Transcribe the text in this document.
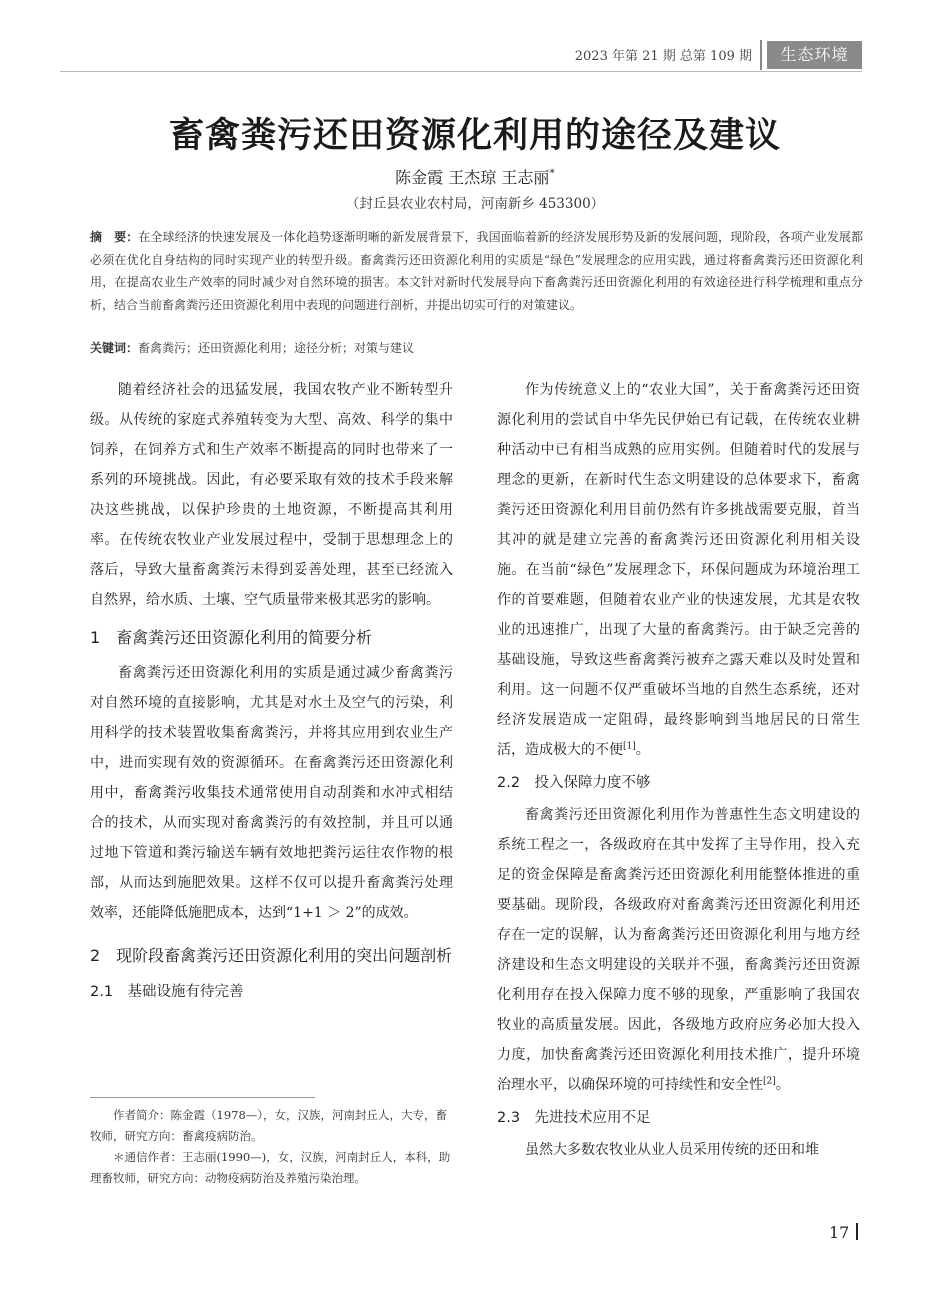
2023 年第 21 期 总第 109 期	生态环境
畜禽粪污还田资源化利用的途径及建议
陈金霞 王杰琼 王志丽*
（封丘县农业农村局，河南新乡 453300）
摘　要：在全球经济的快速发展及一体化趋势逐渐明晰的新发展背景下，我国面临着新的经济发展形势及新的发展问题，现阶段，各项产业发展都必须在优化自身结构的同时实现产业的转型升级。畜禽粪污还田资源化利用的实质是“绿色”发展理念的应用实践，通过将畜禽粪污还田资源化利用，在提高农业生产效率的同时减少对自然环境的损害。本文针对新时代发展导向下畜禽粪污还田资源化利用的有效途径进行科学梳理和重点分析，结合当前畜禽粪污还田资源化利用中表现的问题进行剖析，并提出切实可行的对策建议。
关键词：畜禽粪污；还田资源化利用；途径分析；对策与建议

随着经济社会的迅猛发展，我国农牧产业不断转型升级。从传统的家庭式养殖转变为大型、高效、科学的集中饲养，在饲养方式和生产效率不断提高的同时也带来了一系列的环境挑战。因此，有必要采取有效的技术手段来解决这些挑战，以保护珍贵的土地资源，不断提高其利用率。在传统农牧业产业发展过程中，受制于思想理念上的落后，导致大量畜禽粪污未得到妥善处理，甚至已经流入自然界，给水质、土壤、空气质量带来极其恶劣的影响。

1　畜禽粪污还田资源化利用的简要分析

畜禽粪污还田资源化利用的实质是通过减少畜禽粪污对自然环境的直接影响，尤其是对水土及空气的污染，利用科学的技术装置收集畜禽粪污，并将其应用到农业生产中，进而实现有效的资源循环。在畜禽粪污还田资源化利用中，畜禽粪污收集技术通常使用自动刮粪和水冲式相结合的技术，从而实现对畜禽粪污的有效控制，并且可以通过地下管道和粪污输送车辆有效地把粪污运往农作物的根部，从而达到施肥效果。这样不仅可以提升畜禽粪污处理效率，还能降低施肥成本，达到“1+1 ＞ 2”的成效。

2　现阶段畜禽粪污还田资源化利用的突出问题剖析
2.1　基础设施有待完善

作者简介：陈金霞（1978—），女，汉族，河南封丘人，大专，畜牧师，研究方向：畜禽疫病防治。

＊通信作者：王志丽(1990—)，女，汉族，河南封丘人，本科，助理畜牧师，研究方向：动物疫病防治及养殖污染治理。

作为传统意义上的“农业大国”，关于畜禽粪污还田资源化利用的尝试自中华先民伊始已有记载，在传统农业耕种活动中已有相当成熟的应用实例。但随着时代的发展与理念的更新，在新时代生态文明建设的总体要求下，畜禽粪污还田资源化利用目前仍然有许多挑战需要克服，首当其冲的就是建立完善的畜禽粪污还田资源化利用相关设施。在当前“绿色”发展理念下，环保问题成为环境治理工作的首要难题，但随着农业产业的快速发展，尤其是农牧业的迅速推广，出现了大量的畜禽粪污。由于缺乏完善的基础设施，导致这些畜禽粪污被弃之露天难以及时处置和利用。这一问题不仅严重破坏当地的自然生态系统，还对经济发展造成一定阻碍，最终影响到当地居民的日常生活，造成极大的不便[1]。

2.2　投入保障力度不够

畜禽粪污还田资源化利用作为普惠性生态文明建设的系统工程之一，各级政府在其中发挥了主导作用，投入充足的资金保障是畜禽粪污还田资源化利用能整体推进的重要基础。现阶段，各级政府对畜禽粪污还田资源化利用还存在一定的误解，认为畜禽粪污还田资源化利用与地方经济建设和生态文明建设的关联并不强，畜禽粪污还田资源化利用存在投入保障力度不够的现象，严重影响了我国农牧业的高质量发展。因此，各级地方政府应务必加大投入力度，加快畜禽粪污还田资源化利用技术推广，提升环境治理水平，以确保环境的可持续性和安全性[2]。

2.3　先进技术应用不足

虽然大多数农牧业从业人员采用传统的还田和堆

17
